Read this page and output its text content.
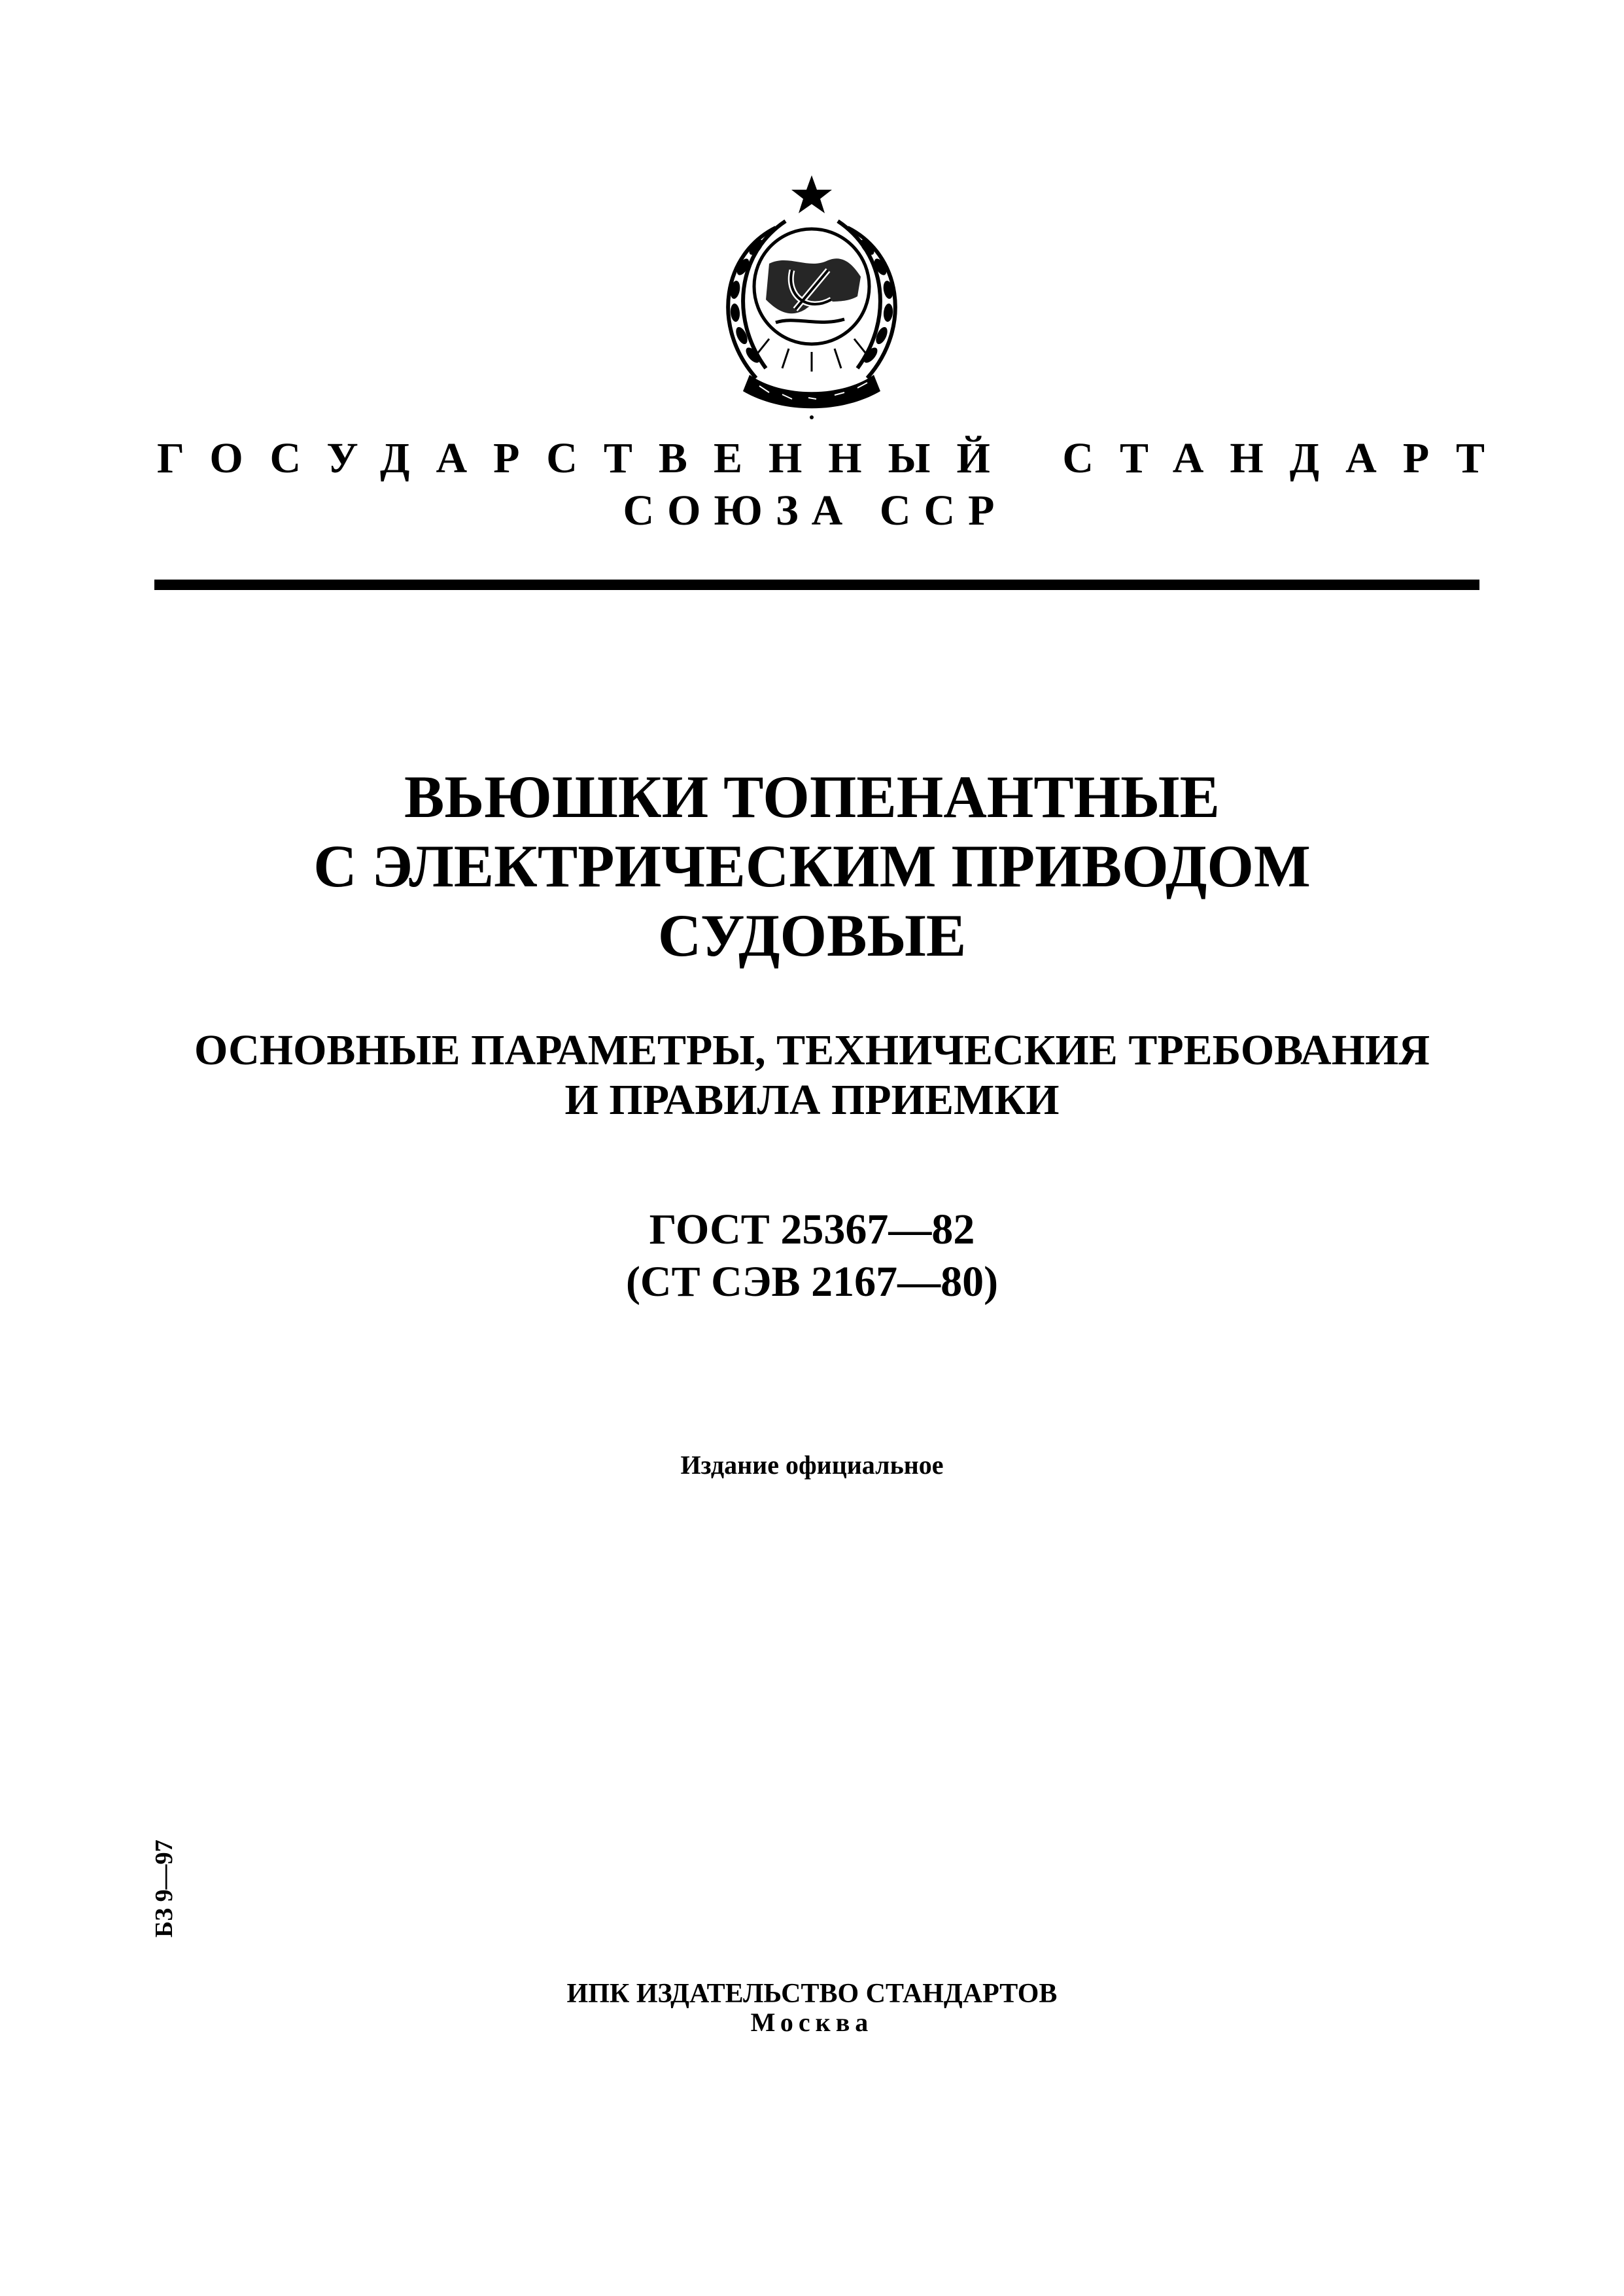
ГОСУДАРСТВЕННЫЙ СТАНДАРТ
СОЮЗА ССР
ВЬЮШКИ ТОПЕНАНТНЫЕ
С ЭЛЕКТРИЧЕСКИМ ПРИВОДОМ
СУДОВЫЕ
ОСНОВНЫЕ ПАРАМЕТРЫ, ТЕХНИЧЕСКИЕ ТРЕБОВАНИЯ
И ПРАВИЛА ПРИЕМКИ
ГОСТ 25367—82
(СТ СЭВ 2167—80)
Издание официальное
БЗ 9—97
ИПК ИЗДАТЕЛЬСТВО СТАНДАРТОВ
Москва
